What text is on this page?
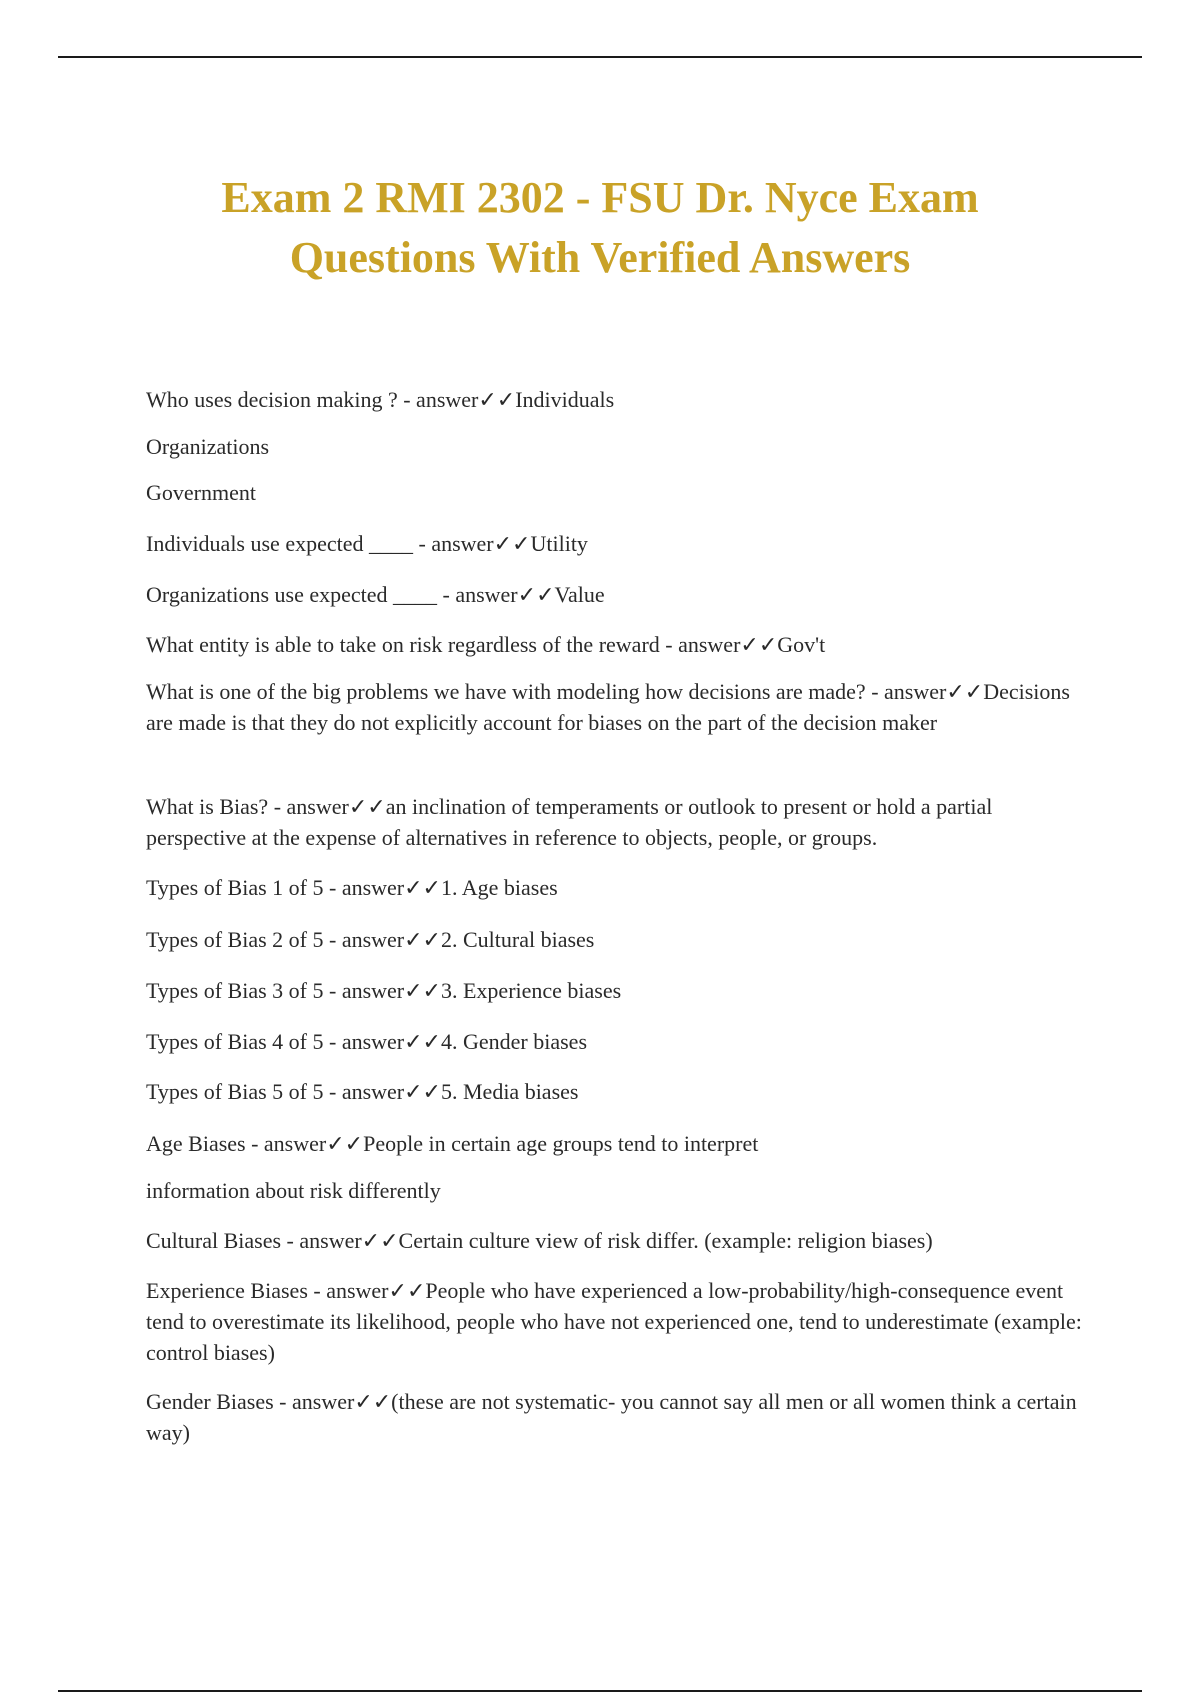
Exam 2 RMI 2302 - FSU Dr. Nyce Exam
Questions With Verified Answers
Who uses decision making ? - answer✓✓Individuals
Organizations
Government
Individuals use expected ____ - answer✓✓Utility
Organizations use expected ____ - answer✓✓Value
What entity is able to take on risk regardless of the reward - answer✓✓Gov't
What is one of the big problems we have with modeling how decisions are made? - answer✓✓Decisions are made is that they do not explicitly account for biases on the part of the decision maker
What is Bias? - answer✓✓an inclination of temperaments or outlook to present or hold a partial perspective at the expense of alternatives in reference to objects, people, or groups.
Types of Bias 1 of 5 - answer✓✓1. Age biases
Types of Bias 2 of 5 - answer✓✓2. Cultural biases
Types of Bias 3 of 5 - answer✓✓3. Experience biases
Types of Bias 4 of 5 - answer✓✓4. Gender biases
Types of Bias 5 of 5 - answer✓✓5. Media biases
Age Biases - answer✓✓People in certain age groups tend to interpret
information about risk differently
Cultural Biases - answer✓✓Certain culture view of risk differ. (example: religion biases)
Experience Biases - answer✓✓People who have experienced a low-probability/high-consequence event tend to overestimate its likelihood, people who have not experienced one, tend to underestimate (example: control biases)
Gender Biases - answer✓✓(these are not systematic- you cannot say all men or all women think a certain way)
